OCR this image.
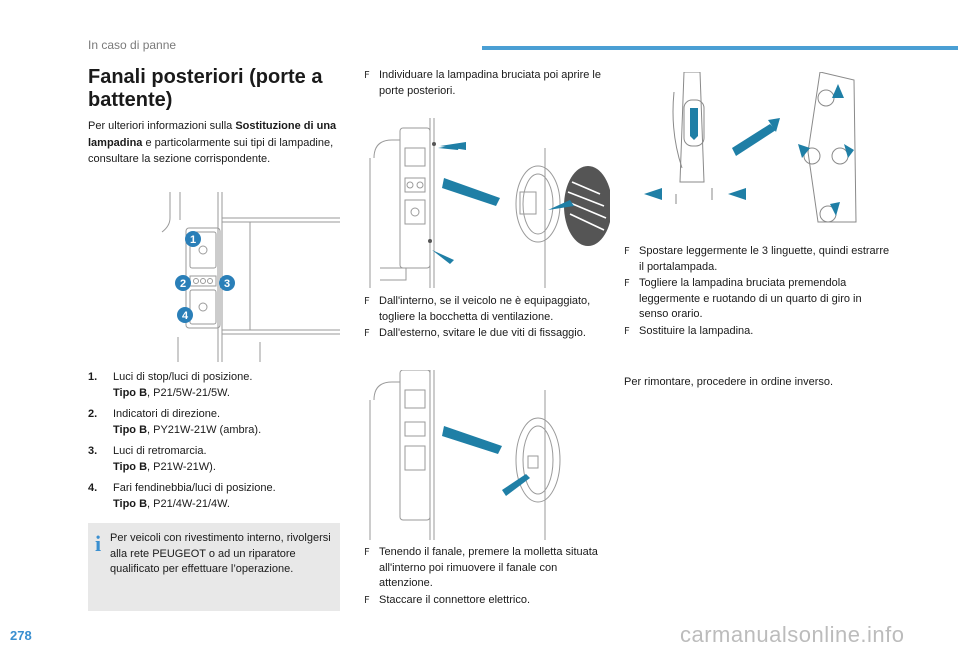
In caso di panne
Fanali posteriori (porte a battente)
Per ulteriori informazioni sulla Sostituzione di una lampadina e particolarmente sui tipi di lampadine, consultare la sezione corrispondente.
1
2	3
4
1.	Luci di stop/luci di posizione.
Tipo B, P21/5W-21/5W.
2.	Indicatori di direzione.
Tipo B, PY21W-21W (ambra).
3.	Luci di retromarcia.
Tipo B, P21W-21W).
4.	Fari fendinebbia/luci di posizione.
Tipo B, P21/4W-21/4W.
i Per veicoli con rivestimento interno, rivolgersi alla rete PEUGEOT o ad un riparatore qualificato per effettuare l’operazione.
F Individuare la lampadina bruciata poi aprire le porte posteriori.
F Dall'interno, se il veicolo ne è equipaggiato, togliere la bocchetta di ventilazione.
F Dall'esterno, svitare le due viti di fissaggio.
F Tenendo il fanale, premere la molletta situata all'interno poi rimuovere il fanale con attenzione.
F Staccare il connettore elettrico.
F Spostare leggermente le 3 linguette, quindi estrarre il portalampada.
F Togliere la lampadina bruciata premendola leggermente e ruotando di un quarto di giro in senso orario.
F Sostituire la lampadina.
Per rimontare, procedere in ordine inverso.
278	carmanualsonline.info
